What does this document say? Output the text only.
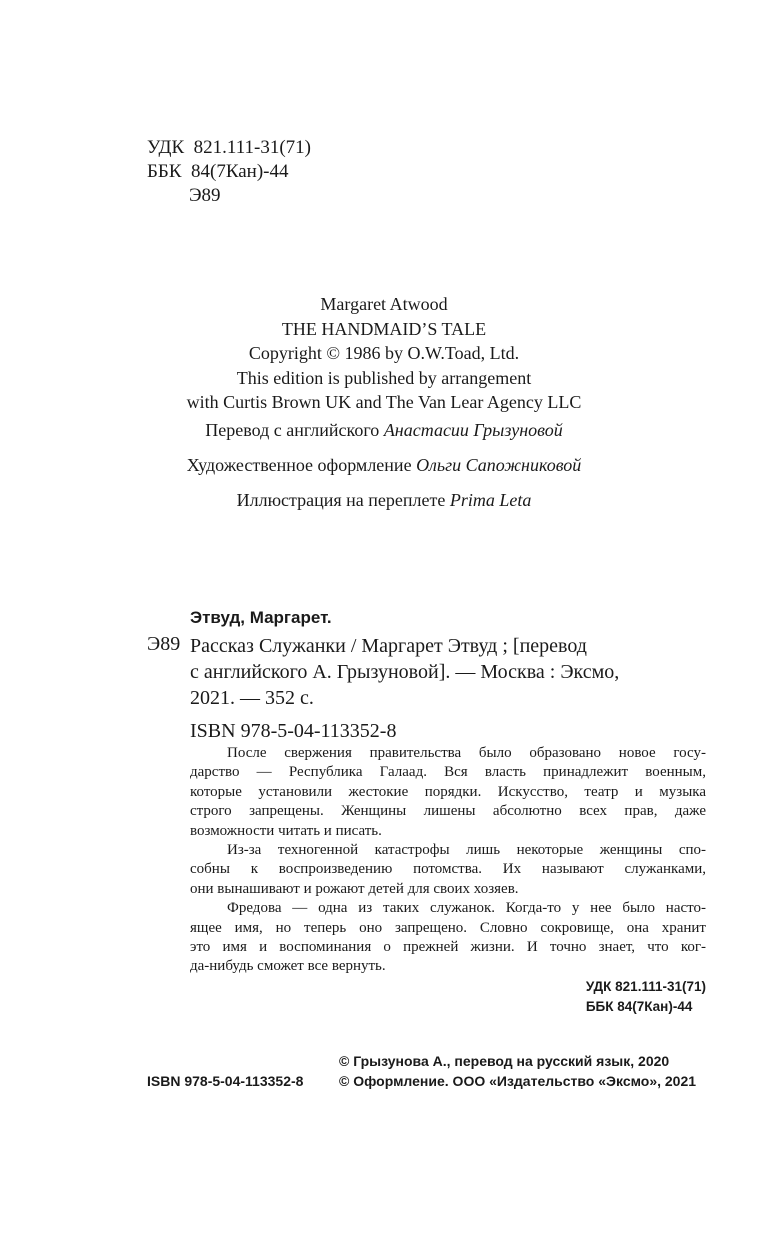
УДК  821.111-31(71)
ББК  84(7Кан)-44
Э89
Margaret Atwood
THE HANDMAID’S TALE
Copyright © 1986 by O.W.Toad, Ltd.
This edition is published by arrangement
with Curtis Brown UK and The Van Lear Agency LLC
Перевод с английского Анастасии Грызуновой
Художественное оформление Ольги Сапожниковой
Иллюстрация на переплете Prima Leta
Этвуд, Маргарет.
Э89 Рассказ Служанки / Маргарет Этвуд ; [перевод
с английского А. Грызуновой]. — Москва : Эксмо,
2021. — 352 с.
ISBN 978-5-04-113352-8

После свержения правительства было образовано новое госу-
дарство — Республика Галаад. Вся власть принадлежит военным,
которые установили жестокие порядки. Искусство, театр и музыка
строго запрещены. Женщины лишены абсолютно всех прав, даже
возможности читать и писать.

Из-за техногенной катастрофы лишь некоторые женщины спо-
собны к воспроизведению потомства. Их называют служанками,
они вынашивают и рожают детей для своих хозяев.

Фредова — одна из таких служанок. Когда-то у нее было насто-
ящее имя, но теперь оно запрещено. Словно сокровище, она хранит
это имя и воспоминания о прежней жизни. И точно знает, что ког-
да-нибудь сможет все вернуть.

УДК 821.111-31(71)
ББК 84(7Кан)-44
© Грызунова А., перевод на русский язык, 2020
© Оформление. ООО «Издательство «Эксмо», 2021
ISBN 978-5-04-113352-8
